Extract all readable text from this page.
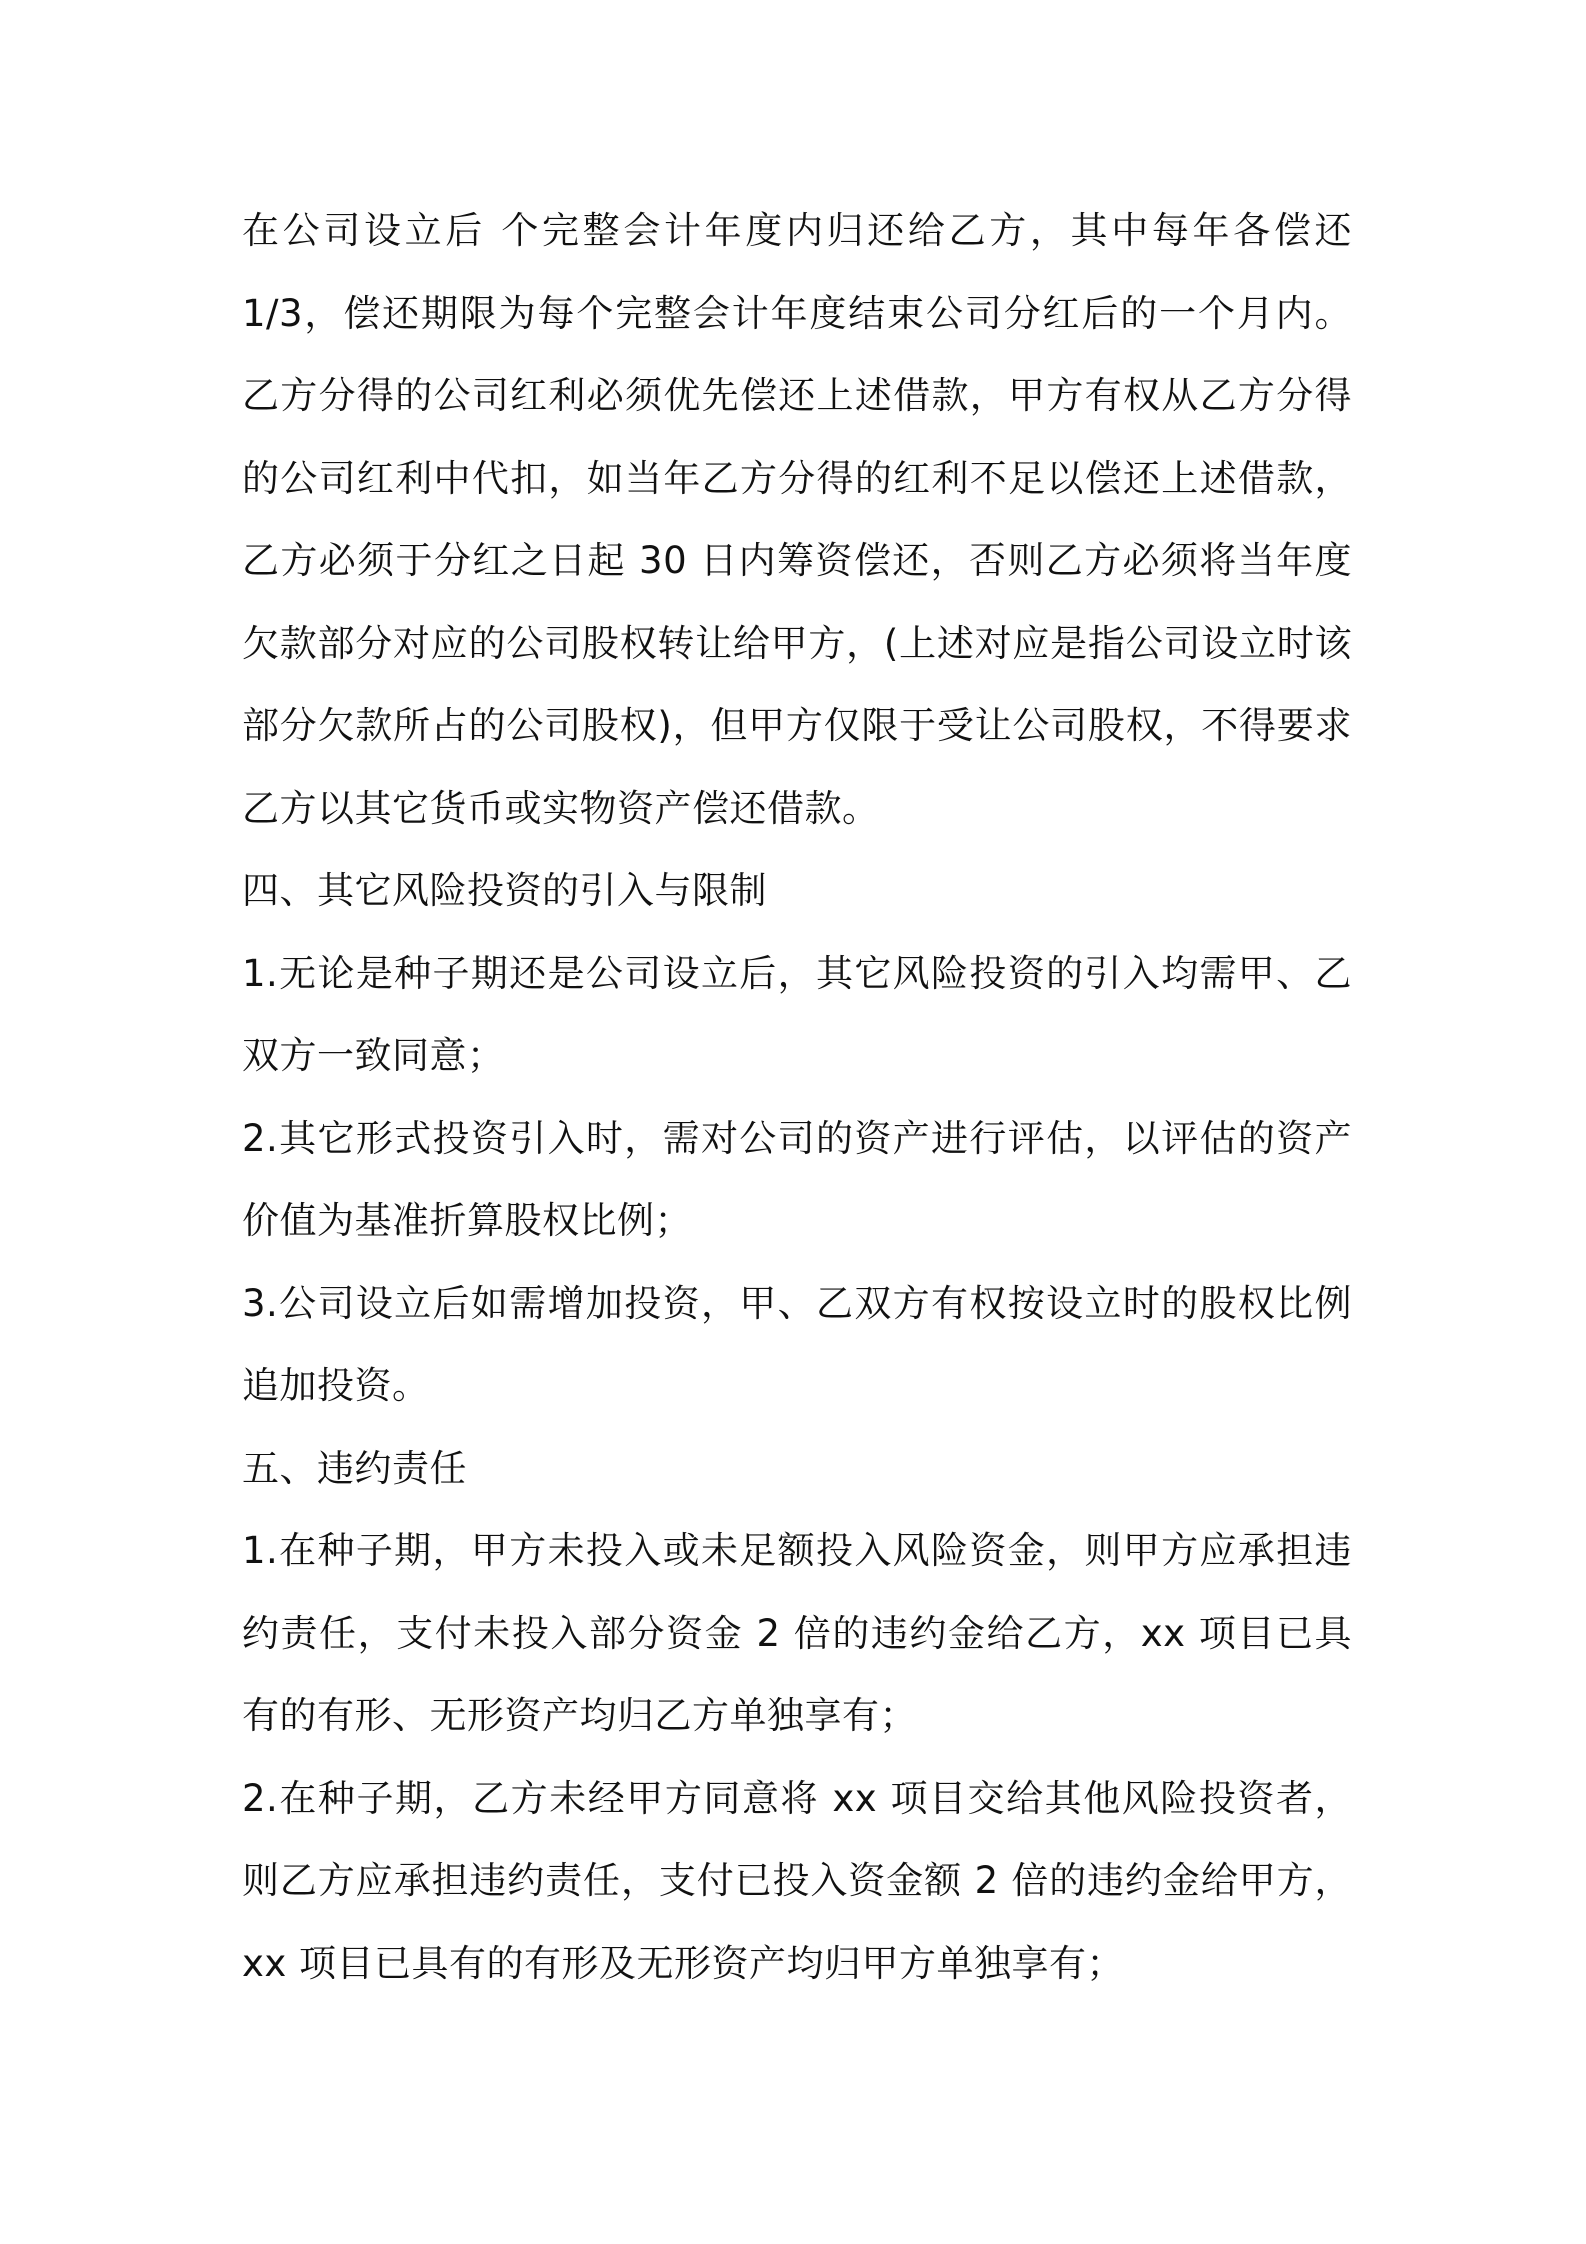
在公司设立后 个完整会计年度内归还给乙方，其中每年各偿还 1/3，偿还期限为每个完整会计年度结束公司分红后的一个月内。乙方分得的公司红利必须优先偿还上述借款，甲方有权从乙方分得的公司红利中代扣，如当年乙方分得的红利不足以偿还上述借款，乙方必须于分红之日起 30 日内筹资偿还，否则乙方必须将当年度欠款部分对应的公司股权转让给甲方，(上述对应是指公司设立时该部分欠款所占的公司股权)，但甲方仅限于受让公司股权，不得要求乙方以其它货币或实物资产偿还借款。

四、其它风险投资的引入与限制

1.无论是种子期还是公司设立后，其它风险投资的引入均需甲、乙双方一致同意；

2.其它形式投资引入时，需对公司的资产进行评估，以评估的资产价值为基准折算股权比例；

3.公司设立后如需增加投资，甲、乙双方有权按设立时的股权比例追加投资。

五、违约责任

1.在种子期，甲方未投入或未足额投入风险资金，则甲方应承担违约责任，支付未投入部分资金 2 倍的违约金给乙方，xx 项目已具有的有形、无形资产均归乙方单独享有；

2.在种子期，乙方未经甲方同意将 xx 项目交给其他风险投资者，则乙方应承担违约责任，支付已投入资金额 2 倍的违约金给甲方，xx 项目已具有的有形及无形资产均归甲方单独享有；
